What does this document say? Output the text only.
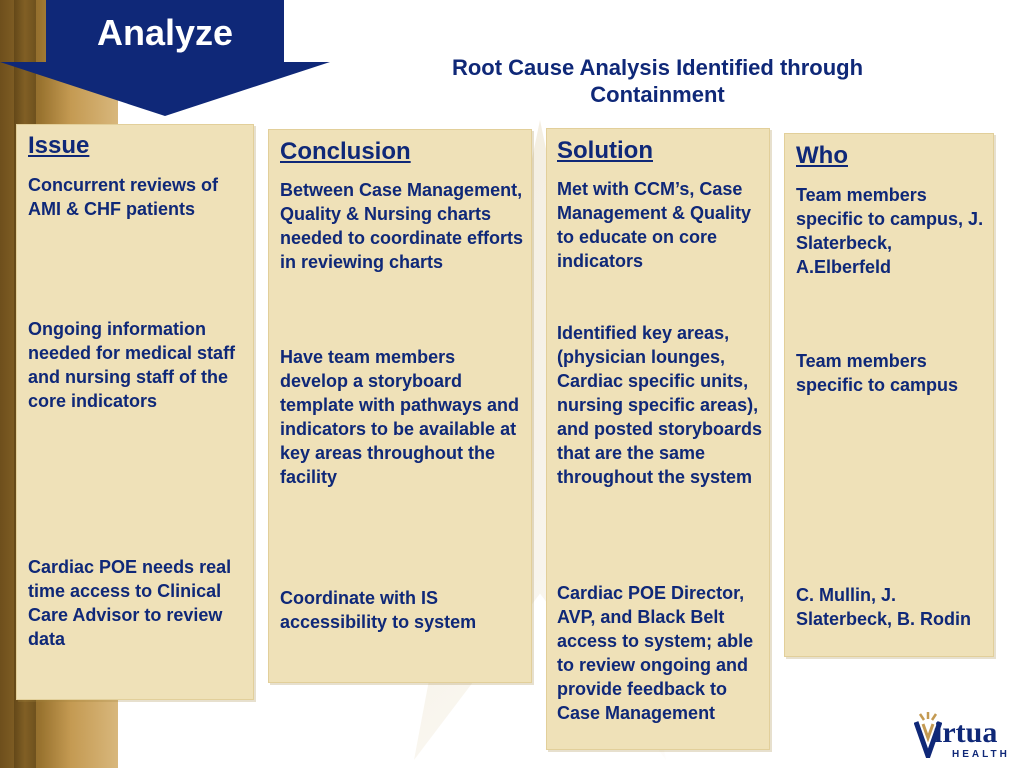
Analyze
Root Cause Analysis Identified through Containment
Issue
Concurrent reviews of AMI & CHF patients
Ongoing information needed for medical staff and nursing staff of the core indicators
Cardiac POE needs real time access to Clinical Care Advisor to review data
Conclusion
Between Case Management, Quality & Nursing charts needed to coordinate efforts in reviewing charts
Have team members develop a storyboard template with pathways and indicators to be available at key areas throughout the facility
Coordinate with IS accessibility to system
Solution
Met with CCM’s, Case Management & Quality to educate on core indicators
Identified key areas, (physician lounges, Cardiac specific units, nursing specific areas), and posted storyboards that are the same throughout the system
Cardiac POE Director, AVP, and Black Belt access to system; able to review ongoing and provide feedback to Case Management
Who
Team members specific to campus, J. Slaterbeck, A.Elberfeld
Team members specific to campus
C. Mullin, J. Slaterbeck, B. Rodin
irtua
HEALTH
